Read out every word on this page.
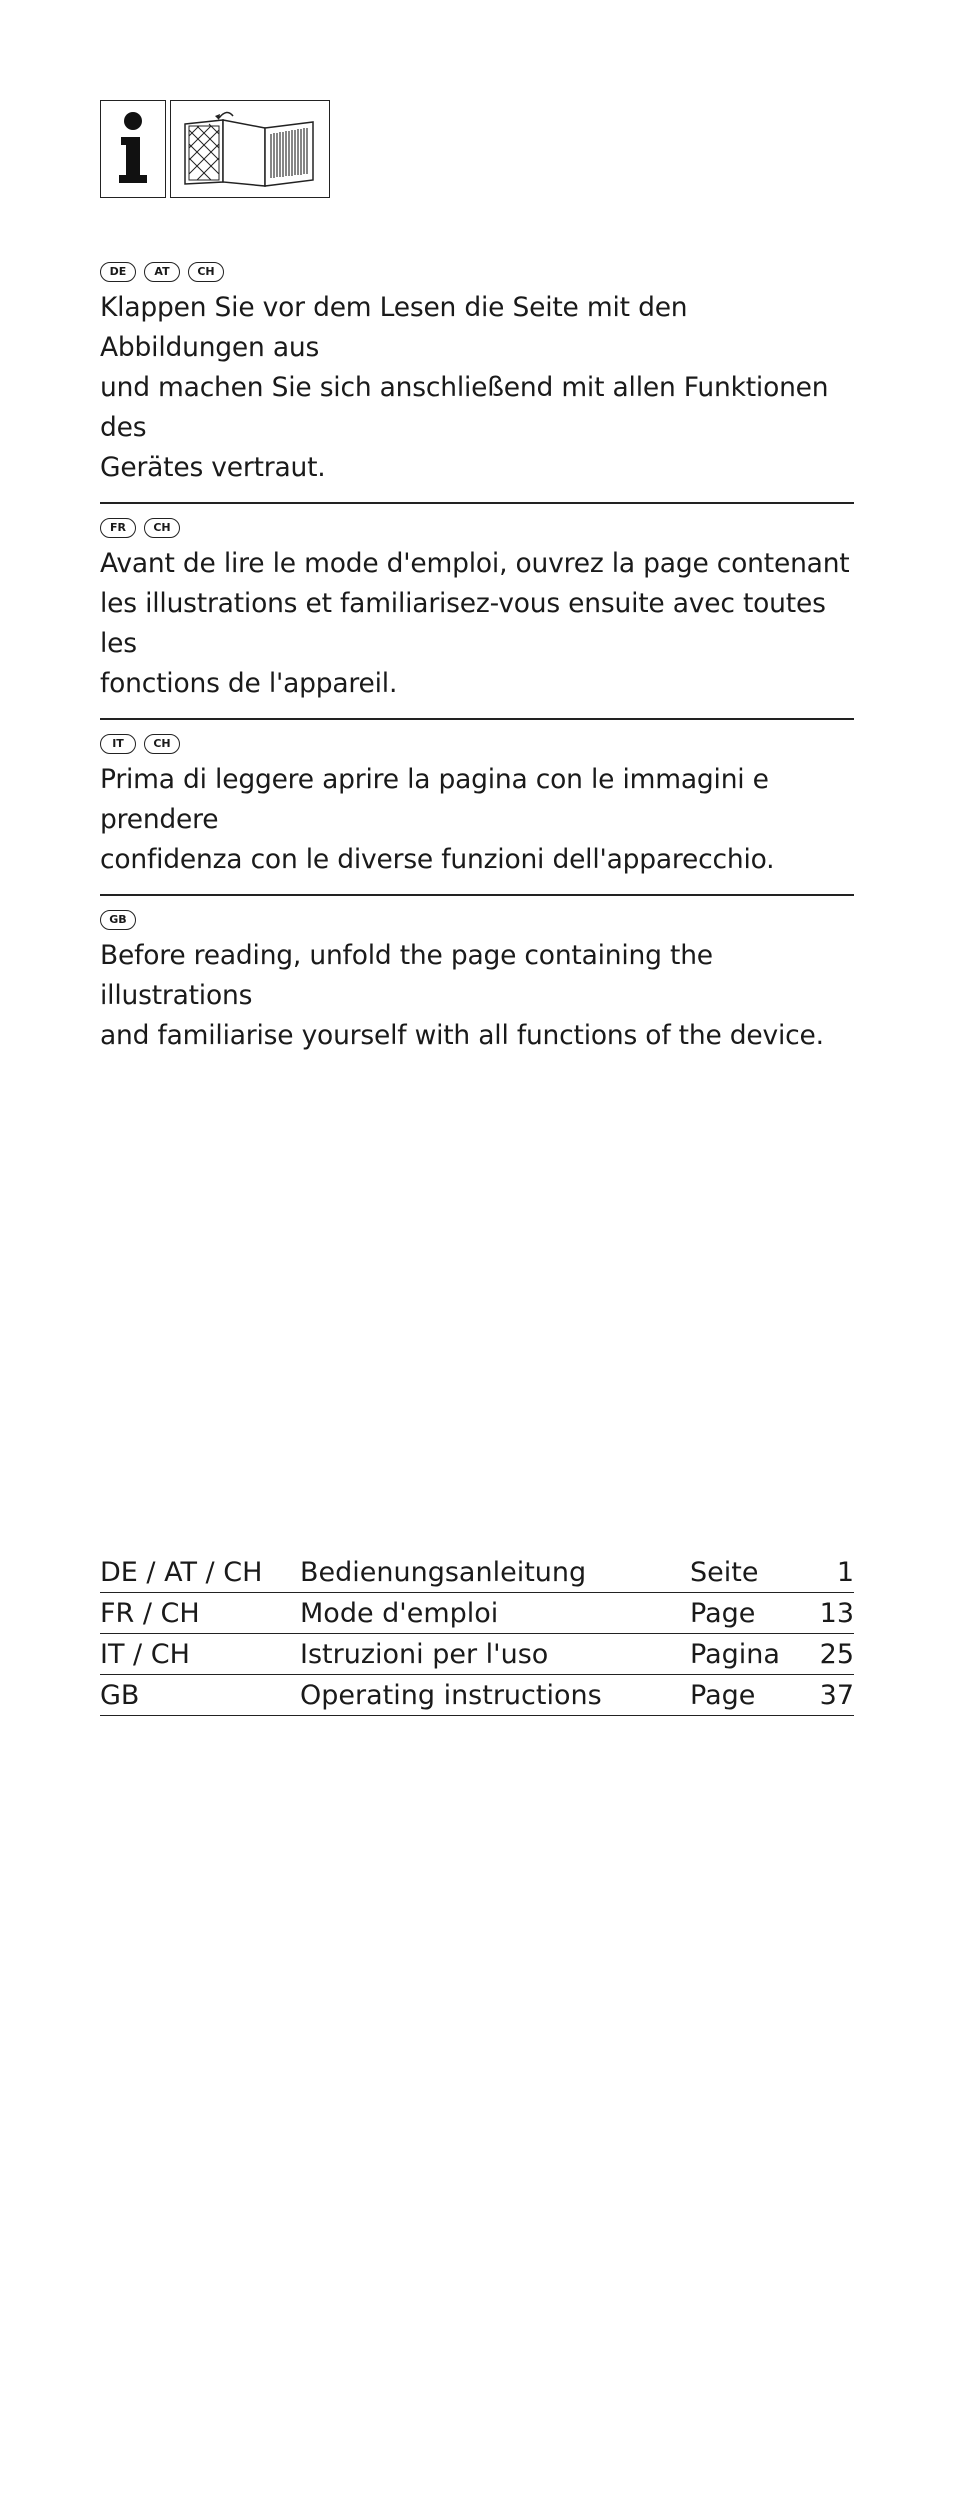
DE	AT	CH

Klappen Sie vor dem Lesen die Seite mit den Abbildungen aus
und machen Sie sich anschließend mit allen Funktionen des
Gerätes vertraut.

FR	CH

Avant de lire le mode d'emploi, ouvrez la page contenant
les illustrations et familiarisez-vous ensuite avec toutes les
fonctions de l'appareil.

IT	CH

Prima di leggere aprire la pagina con le immagini e prendere
confidenza con le diverse funzioni dell'apparecchio.

GB

Before reading, unfold the page containing the illustrations
and familiarise yourself with all functions of the device.

DE / AT / CH	Bedienungsanleitung	Seite	1
FR / CH	Mode d'emploi	Page	13
IT / CH	Istruzioni per l'uso	Pagina	25
GB	Operating instructions	Page	37
